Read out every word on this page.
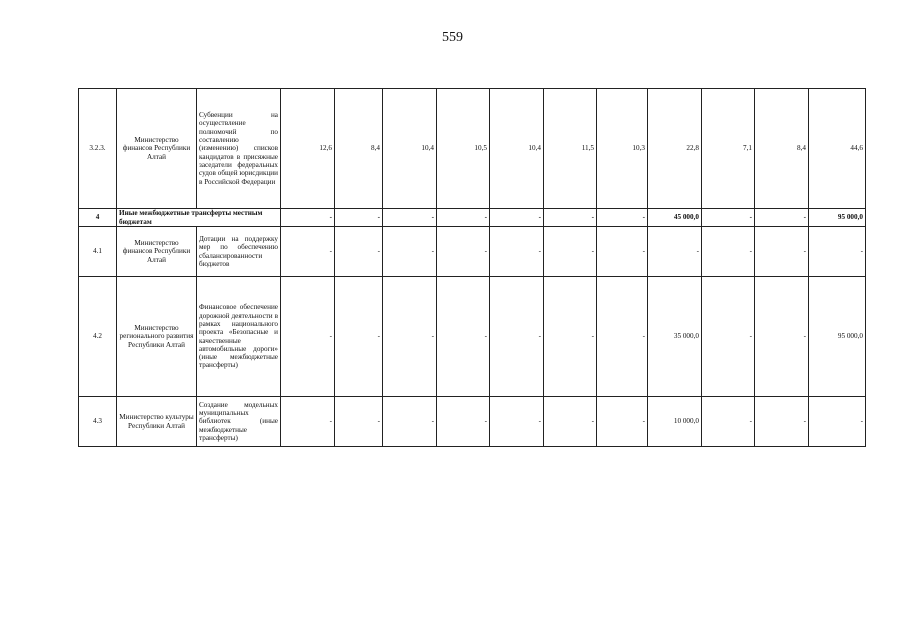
559
3.2.3.	Министерство финансов Республики Алтай	Субвенции на осуществление полномочий по составлению (изменению) списков кандидатов в присяжные заседатели федеральных судов общей юрисдикции в Российской Федерации	12,6	8,4	10,4	10,5	10,4	11,5	10,3	22,8	7,1	8,4	44,6
4	Иные межбюджетные трансферты местным бюджетам		-	-	-	-	-	-	-	45 000,0	-	-	95 000,0
4.1	Министерство финансов Республики Алтай	Дотации на поддержку мер по обеспечению сбалансированности бюджетов	-	-	-	-	-	-	-	-	-	-	-
4.2	Министерство регионального развития Республики Алтай	Финансовое обеспечение дорожной деятельности в рамках национального проекта «Безопасные и качественные автомобильные дороги» (иные межбюджетные трансферты)	-	-	-	-	-	-	-	35 000,0	-	-	95 000,0
4.3	Министерство культуры Республики Алтай	Создание модельных муниципальных библиотек (иные межбюджетные трансферты)	-	-	-	-	-	-	-	10 000,0	-	-	-
